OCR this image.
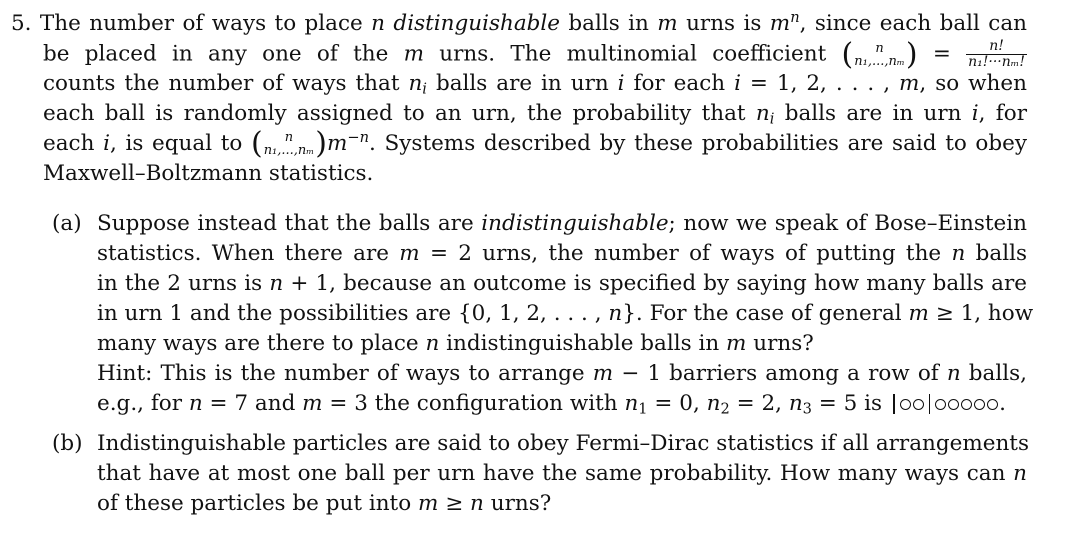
5. The number of ways to place n distinguishable balls in m urns is $m^n$, since each ball can
be placed in any one of the m urns. The multinomial coefficient ( n
n₁,...,nₘ ) = $\frac{n!}{\text{n₁!···nₘ!}}$
counts the number of ways that $n_i$ balls are in urn i for each i = 1, 2, . . . , m, so when
each ball is randomly assigned to an urn, the probability that $n_i$ balls are in urn i, for
each i, is equal to ( n
n₁,...,nₘ )$m^{-n}$. Systems described by these probabilities are said to obey
Maxwell–Boltzmann statistics.
(a) Suppose instead that the balls are indistinguishable; now we speak of Bose–Einstein
statistics. When there are m = 2 urns, the number of ways of putting the n balls
in the 2 urns is n + 1, because an outcome is specified by saying how many balls are
in urn 1 and the possibilities are {0, 1, 2, . . . , n}. For the case of general m ≥ 1, how
many ways are there to place n indistinguishable balls in m urns?
Hint: This is the number of ways to arrange m − 1 barriers among a row of n balls,
e.g., for n = 7 and m = 3 the configuration with $n_1 = 0$, $n_2 = 2$, $n_3 = 5$ is	.
(b) Indistinguishable particles are said to obey Fermi–Dirac statistics if all arrangements
that have at most one ball per urn have the same probability. How many ways can n
of these particles be put into m ≥ n urns?
